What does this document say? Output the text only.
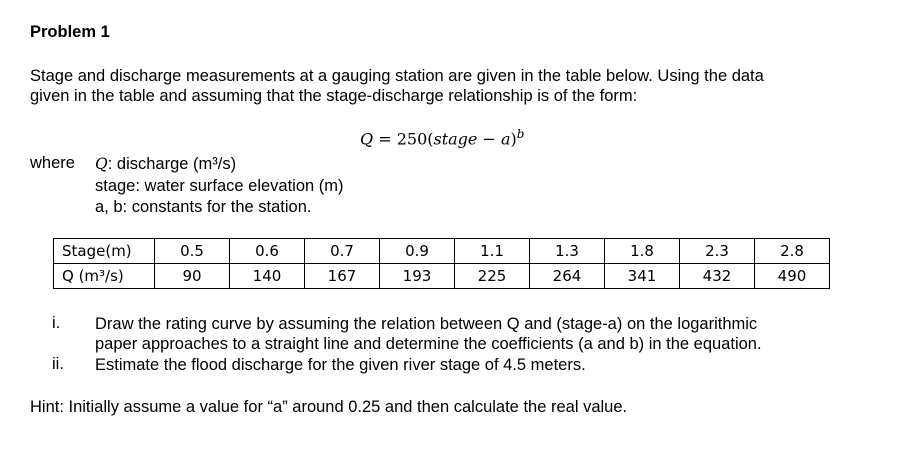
Problem 1
Stage and discharge measurements at a gauging station are given in the table below. Using the data
given in the table and assuming that the stage-discharge relationship is of the form:
Q = 250(stage − a)$^b$
where Q: discharge (m³/s)
stage: water surface elevation (m)
a, b: constants for the station.
Stage(m)	0.5	0.6	0.7	0.9	1.1	1.3	1.8	2.3	2.8
Q (m³/s)	90	140	167	193	225	264	341	432	490
i. Draw the rating curve by assuming the relation between Q and (stage-a) on the logarithmic
paper approaches to a straight line and determine the coefficients (a and b) in the equation.
ii. Estimate the flood discharge for the given river stage of 4.5 meters.
Hint: Initially assume a value for “a” around 0.25 and then calculate the real value.
